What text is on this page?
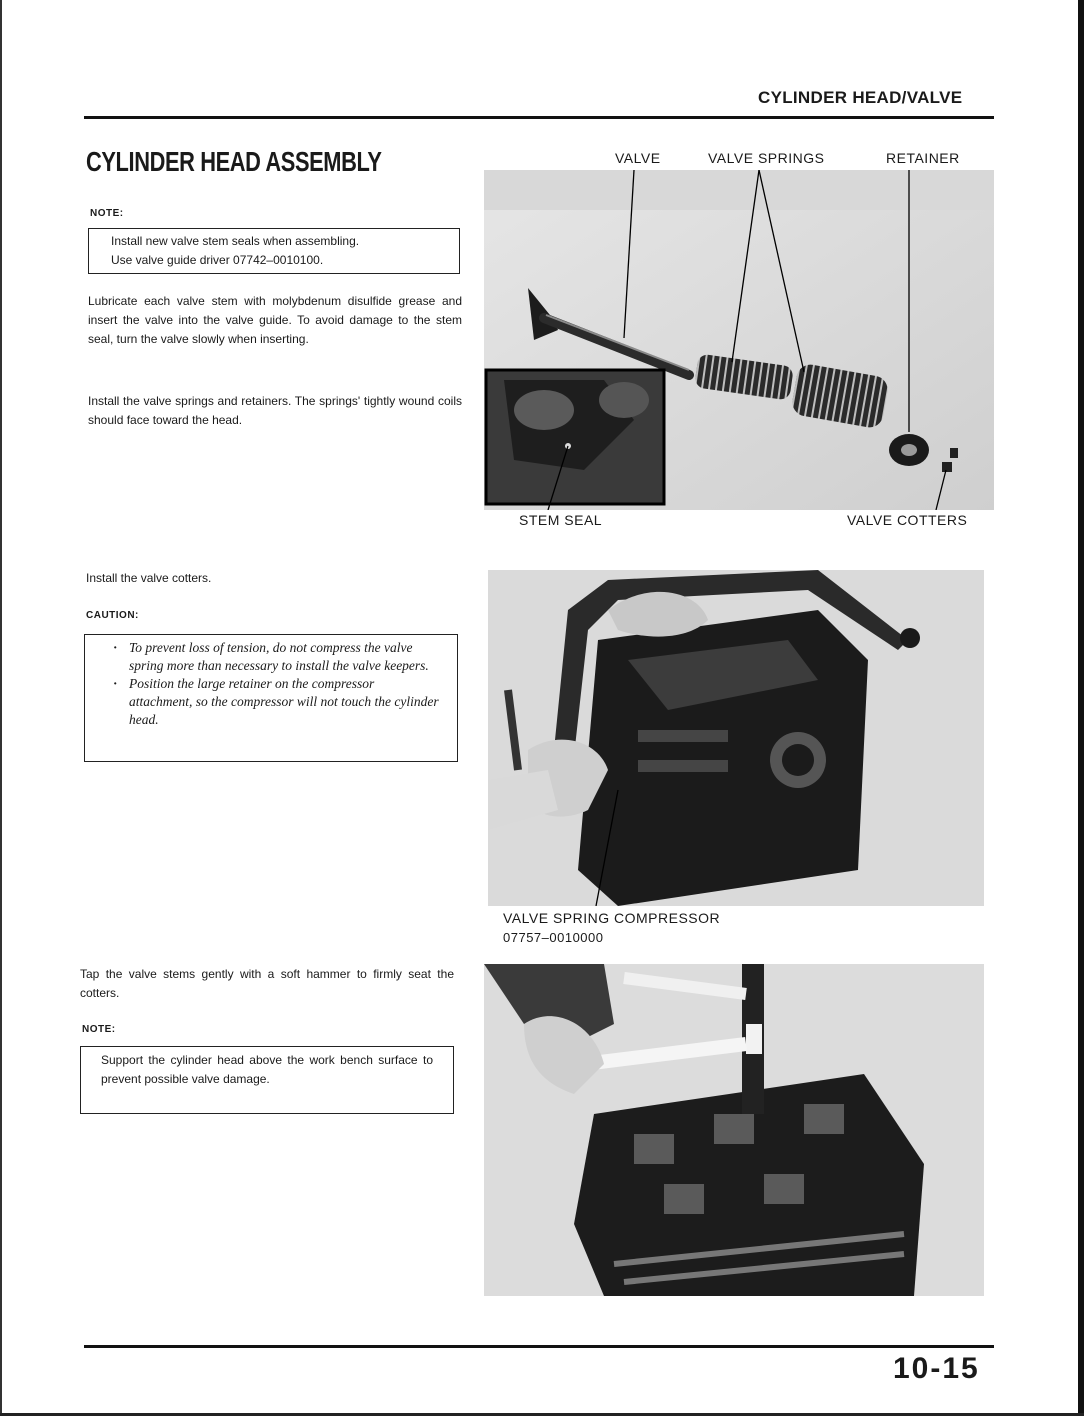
CYLINDER HEAD/VALVE
CYLINDER HEAD ASSEMBLY
NOTE:
Install new valve stem seals when assembling.
Use valve guide driver 07742–0010100.
Lubricate each valve stem with molybdenum disulfide grease and insert the valve into the valve guide. To avoid damage to the stem seal, turn the valve slowly when inserting.
Install the valve springs and retainers. The springs' tightly wound coils should face toward the head.
Install the valve cotters.
CAUTION:
· To prevent loss of tension, do not compress the valve spring more than necessary to install the valve keepers.
· Position the large retainer on the compressor attachment, so the compressor will not touch the cylinder head.
Tap the valve stems gently with a soft hammer to firmly seat the cotters.
NOTE:
Support the cylinder head above the work bench surface to prevent possible valve damage.
VALVE	VALVE SPRINGS	RETAINER
STEM SEAL	VALVE COTTERS
VALVE SPRING COMPRESSOR
07757–0010000
10-15
